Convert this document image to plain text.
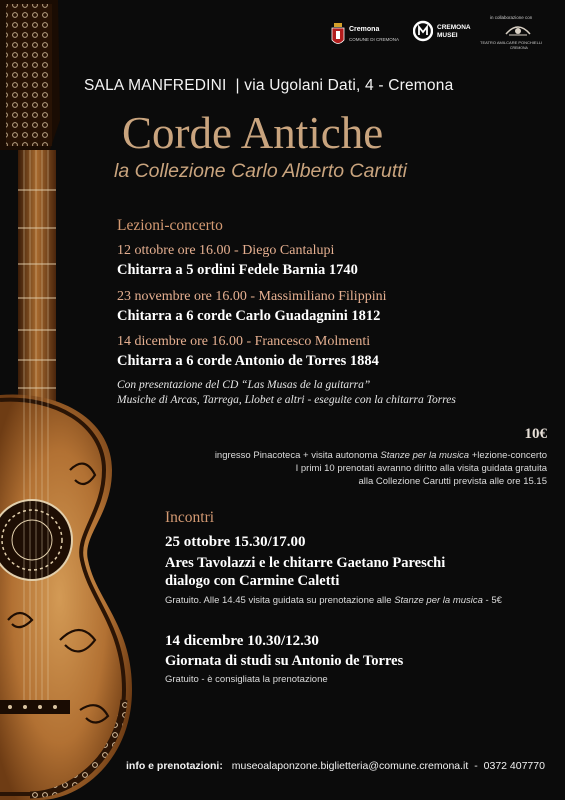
Cremona
COMUNE DI CREMONA
CREMONA
MUSEI
in collaborazione con
TEATRO AMILCARE PONCHIELLI
CREMONA
SALA MANFREDINI  | via Ugolani Dati, 4 - Cremona
Corde Antiche
la Collezione Carlo Alberto Carutti
Lezioni-concerto
12 ottobre ore 16.00 - Diego Cantalupi
Chitarra a 5 ordini Fedele Barnia 1740
23 novembre ore 16.00 - Massimiliano Filippini
Chitarra a 6 corde Carlo Guadagnini 1812
14 dicembre ore 16.00 - Francesco Molmenti
Chitarra a 6 corde Antonio de Torres 1884
Con presentazione del CD “Las Musas de la guitarra”
Musiche di Arcas, Tarrega, Llobet e altri - eseguite con la chitarra Torres
10€
ingresso Pinacoteca + visita autonoma Stanze per la musica +lezione-concerto
I primi 10 prenotati avranno diritto alla visita guidata gratuita
alla Collezione Carutti prevista alle ore 15.15
Incontri
25 ottobre 15.30/17.00
Ares Tavolazzi e le chitarre Gaetano Pareschi
dialogo con Carmine Caletti
Gratuito. Alle 14.45 visita guidata su prenotazione alle Stanze per la musica - 5€
14 dicembre 10.30/12.30
Giornata di studi su Antonio de Torres
Gratuito - è consigliata la prenotazione
info e prenotazioni: museoalaponzone.biglietteria@comune.cremona.it - 0372 407770
